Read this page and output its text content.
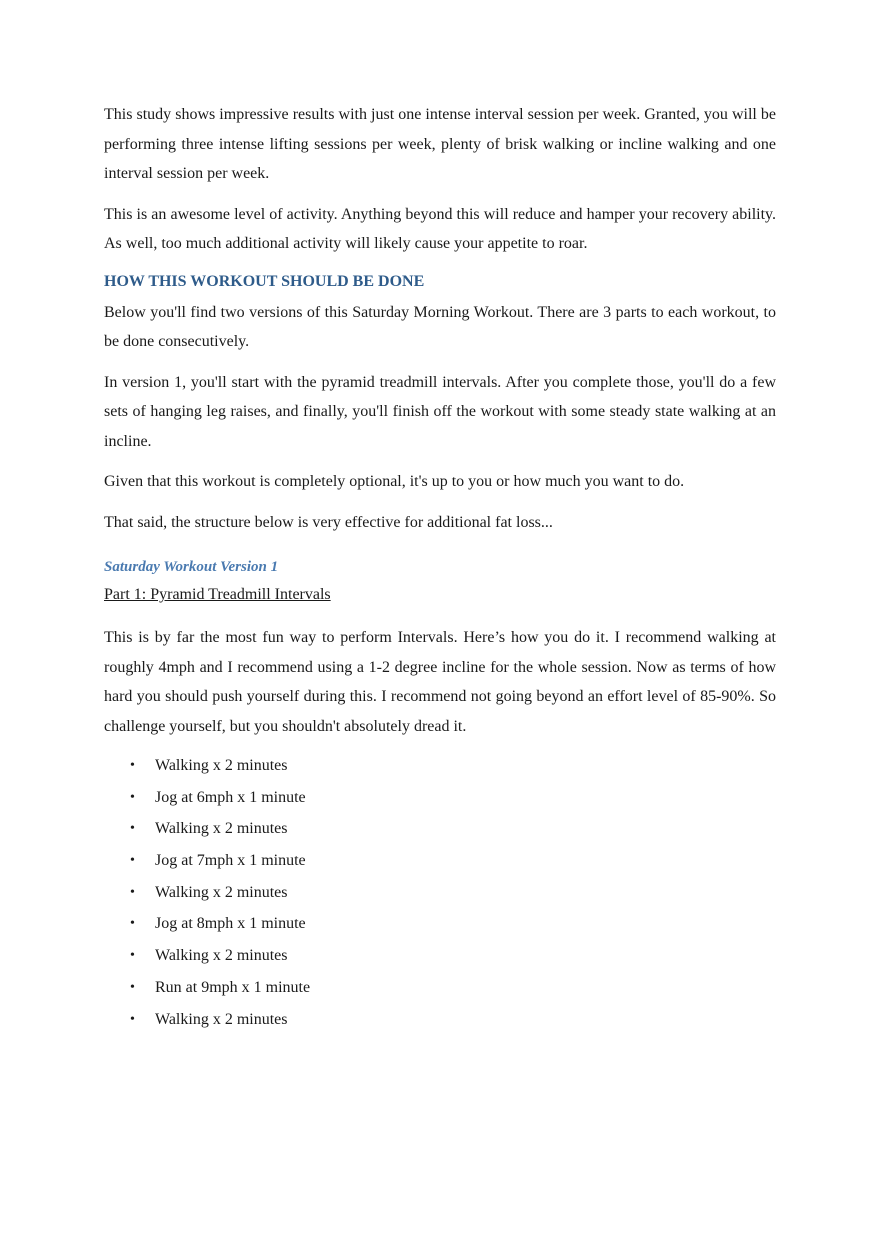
This study shows impressive results with just one intense interval session per week. Granted, you will be performing three intense lifting sessions per week, plenty of brisk walking or incline walking and one interval session per week.

This is an awesome level of activity. Anything beyond this will reduce and hamper your recovery ability. As well, too much additional activity will likely cause your appetite to roar.

HOW THIS WORKOUT SHOULD BE DONE

Below you'll find two versions of this Saturday Morning Workout. There are 3 parts to each workout, to be done consecutively.

In version 1, you'll start with the pyramid treadmill intervals. After you complete those, you'll do a few sets of hanging leg raises, and finally, you'll finish off the workout with some steady state walking at an incline.

Given that this workout is completely optional, it's up to you or how much you want to do.

That said, the structure below is very effective for additional fat loss...

Saturday Workout Version 1

Part 1: Pyramid Treadmill Intervals

This is by far the most fun way to perform Intervals. Here’s how you do it. I recommend walking at roughly 4mph and I recommend using a 1-2 degree incline for the whole session. Now as terms of how hard you should push yourself during this. I recommend not going beyond an effort level of 85-90%. So challenge yourself, but you shouldn't absolutely dread it.

• Walking x 2 minutes
• Jog at 6mph x 1 minute
• Walking x 2 minutes
• Jog at 7mph x 1 minute
• Walking x 2 minutes
• Jog at 8mph x 1 minute
• Walking x 2 minutes
• Run at 9mph x 1 minute
• Walking x 2 minutes
